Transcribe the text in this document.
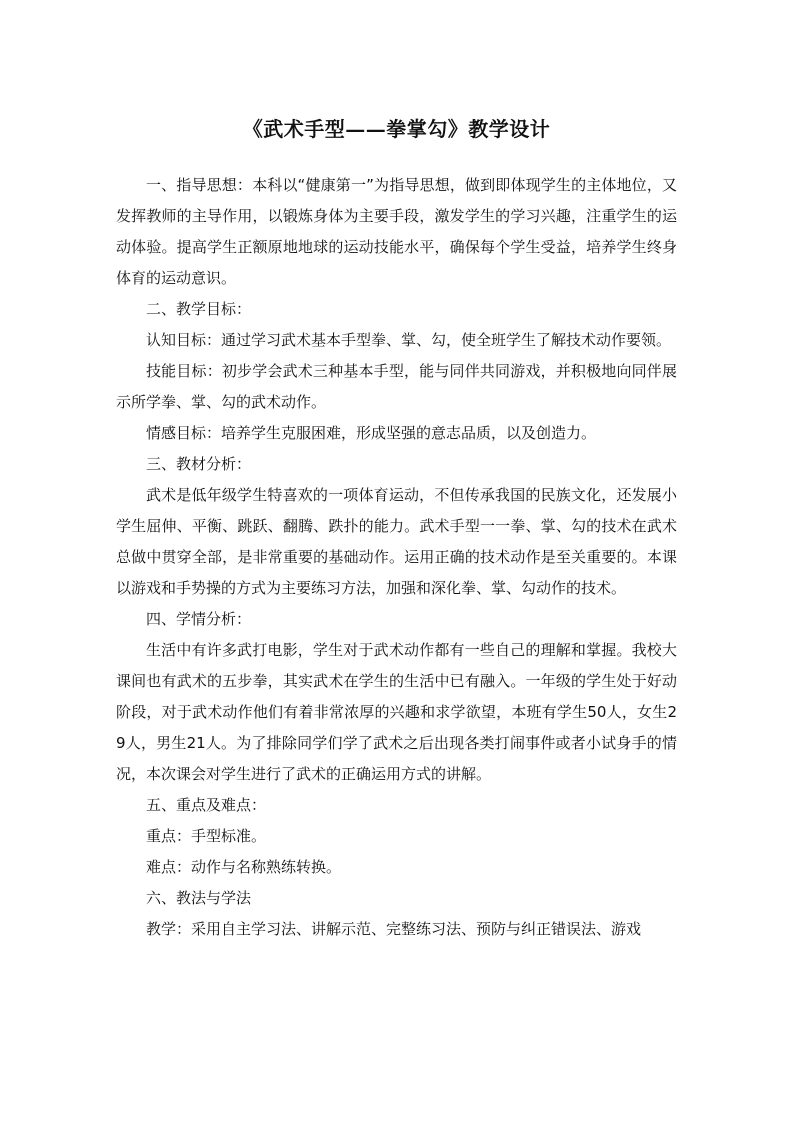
《武术手型——拳掌勾》教学设计

一、指导思想：本科以“健康第一”为指导思想，做到即体现学生的主体地位，又发挥教师的主导作用，以锻炼身体为主要手段，激发学生的学习兴趣，注重学生的运动体验。提高学生正额原地地球的运动技能水平，确保每个学生受益，培养学生终身体育的运动意识。

二、教学目标：

认知目标：通过学习武术基本手型拳、掌、勾，使全班学生了解技术动作要领。

技能目标：初步学会武术三种基本手型，能与同伴共同游戏，并积极地向同伴展示所学拳、掌、勾的武术动作。

情感目标：培养学生克服困难，形成坚强的意志品质，以及创造力。

三、教材分析：

武术是低年级学生特喜欢的一项体育运动，不但传承我国的民族文化，还发展小学生屈伸、平衡、跳跃、翻腾、跌扑的能力。武术手型一一拳、掌、勾的技术在武术总做中贯穿全部，是非常重要的基础动作。运用正确的技术动作是至关重要的。本课以游戏和手势操的方式为主要练习方法，加强和深化拳、掌、勾动作的技术。

四、学情分析：

生活中有许多武打电影，学生对于武术动作都有一些自己的理解和掌握。我校大课间也有武术的五步拳，其实武术在学生的生活中已有融入。一年级的学生处于好动阶段，对于武术动作他们有着非常浓厚的兴趣和求学欲望，本班有学生50人，女生29人，男生21人。为了排除同学们学了武术之后出现各类打闹事件或者小试身手的情况，本次课会对学生进行了武术的正确运用方式的讲解。

五、重点及难点：

重点：手型标准。

难点：动作与名称熟练转换。

六、教法与学法

教学：采用自主学习法、讲解示范、完整练习法、预防与纠正错误法、游戏
